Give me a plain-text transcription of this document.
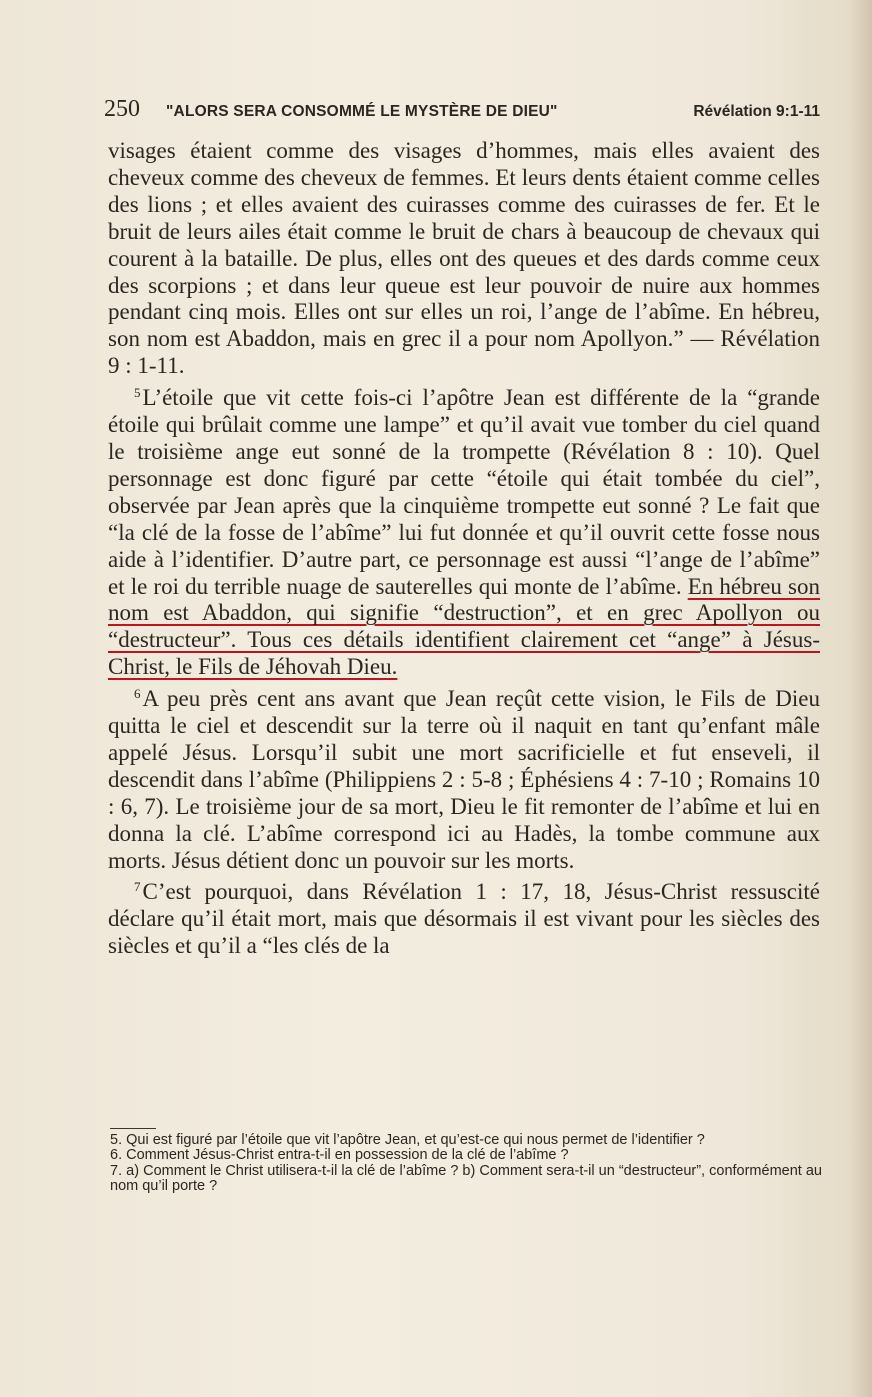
250 "ALORS SERA CONSOMMÉ LE MYSTÈRE DE DIEU"	Révélation 9:1-11

visages étaient comme des visages d’hommes, mais elles avaient des cheveux comme des cheveux de femmes. Et leurs dents étaient comme celles des lions ; et elles avaient des cuirasses comme des cuirasses de fer. Et le bruit de leurs ailes était comme le bruit de chars à beaucoup de chevaux qui courent à la bataille. De plus, elles ont des queues et des dards comme ceux des scorpions ; et dans leur queue est leur pouvoir de nuire aux hommes pendant cinq mois. Elles ont sur elles un roi, l’ange de l’abîme. En hébreu, son nom est Abaddon, mais en grec il a pour nom Apollyon.” — Révélation 9 : 1-11.

$^5$L’étoile que vit cette fois-ci l’apôtre Jean est différente de la “grande étoile qui brûlait comme une lampe” et qu’il avait vue tomber du ciel quand le troisième ange eut sonné de la trompette (Révélation 8 : 10). Quel personnage est donc figuré par cette “étoile qui était tombée du ciel”, observée par Jean après que la cinquième trompette eut sonné ? Le fait que “la clé de la fosse de l’abîme” lui fut donnée et qu’il ouvrit cette fosse nous aide à l’identifier. D’autre part, ce personnage est aussi “l’ange de l’abîme” et le roi du terrible nuage de sauterelles qui monte de l’abîme. En hébreu son nom est Abaddon, qui signifie “destruction”, et en grec Apollyon ou “destructeur”. Tous ces détails identifient clairement cet “ange” à Jésus-Christ, le Fils de Jéhovah Dieu.

$^6$A peu près cent ans avant que Jean reçût cette vision, le Fils de Dieu quitta le ciel et descendit sur la terre où il naquit en tant qu’enfant mâle appelé Jésus. Lorsqu’il subit une mort sacrificielle et fut enseveli, il descendit dans l’abîme (Philippiens 2 : 5-8 ; Éphésiens 4 : 7-10 ; Romains 10 : 6, 7). Le troisième jour de sa mort, Dieu le fit remonter de l’abîme et lui en donna la clé. L’abîme correspond ici au Hadès, la tombe commune aux morts. Jésus détient donc un pouvoir sur les morts.

$^7$C’est pourquoi, dans Révélation 1 : 17, 18, Jésus-Christ ressuscité déclare qu’il était mort, mais que désormais il est vivant pour les siècles des siècles et qu’il a “les clés de la

5. Qui est figuré par l’étoile que vit l’apôtre Jean, et qu’est-ce qui nous permet de l’identifier ?

6. Comment Jésus-Christ entra-t-il en possession de la clé de l’abîme ?

7. a) Comment le Christ utilisera-t-il la clé de l’abîme ? b) Comment sera-t-il un “destructeur”, conformément au nom qu’il porte ?
